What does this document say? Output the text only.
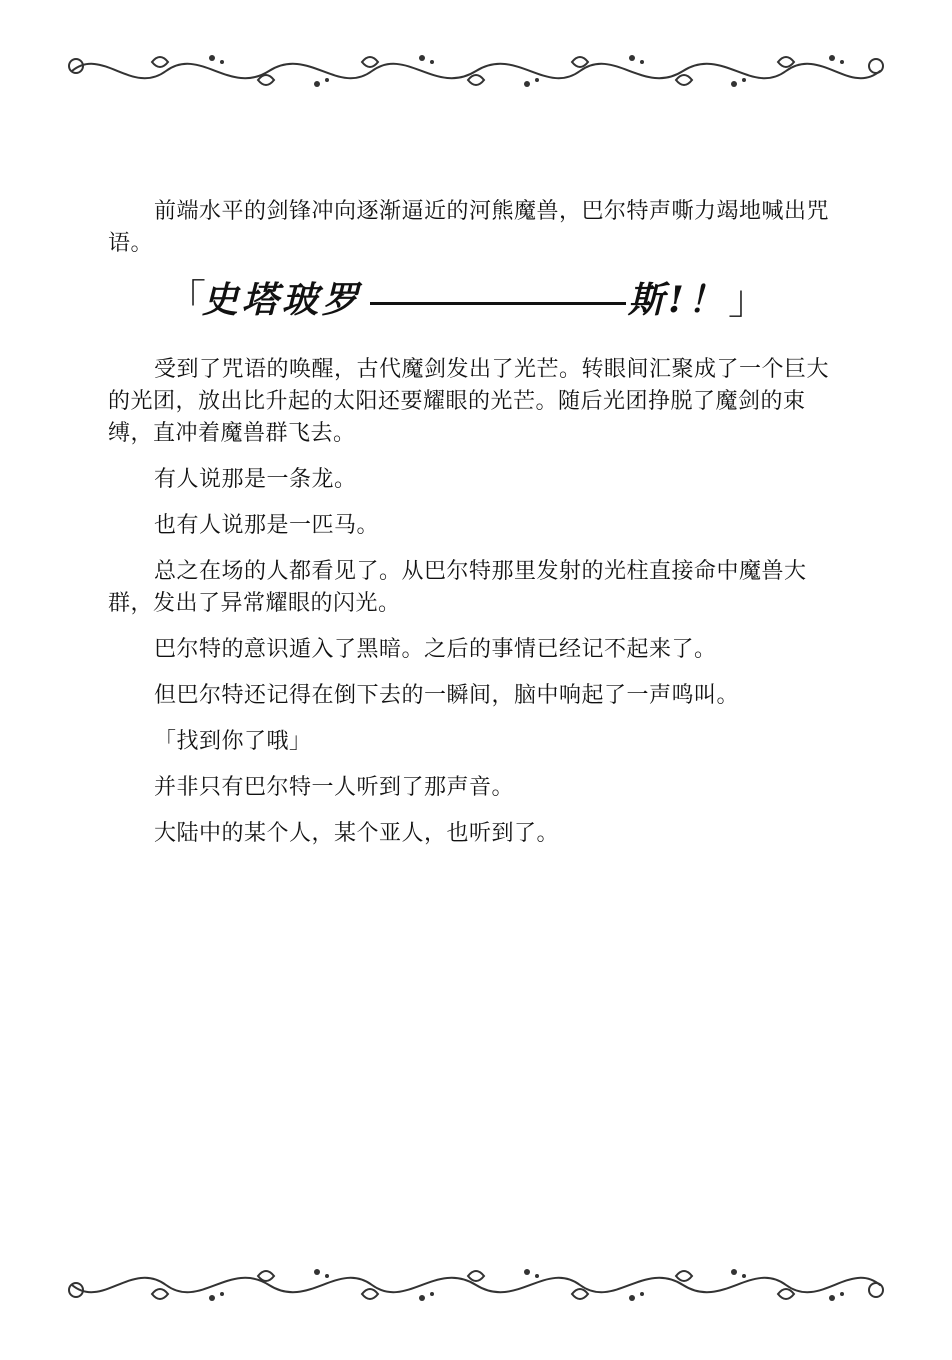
前端水平的剑锋冲向逐渐逼近的河熊魔兽，巴尔特声嘶力竭地喊出咒语。

「
史塔玻罗	斯!！ 」

受到了咒语的唤醒，古代魔剑发出了光芒。转眼间汇聚成了一个巨大的光团，放出比升起的太阳还要耀眼的光芒。随后光团挣脱了魔剑的束缚，直冲着魔兽群飞去。

有人说那是一条龙。

也有人说那是一匹马。

总之在场的人都看见了。从巴尔特那里发射的光柱直接命中魔兽大群，发出了异常耀眼的闪光。

巴尔特的意识遁入了黑暗。之后的事情已经记不起来了。

但巴尔特还记得在倒下去的一瞬间，脑中响起了一声鸣叫。

「找到你了哦」

并非只有巴尔特一人听到了那声音。

大陆中的某个人，某个亚人，也听到了。
